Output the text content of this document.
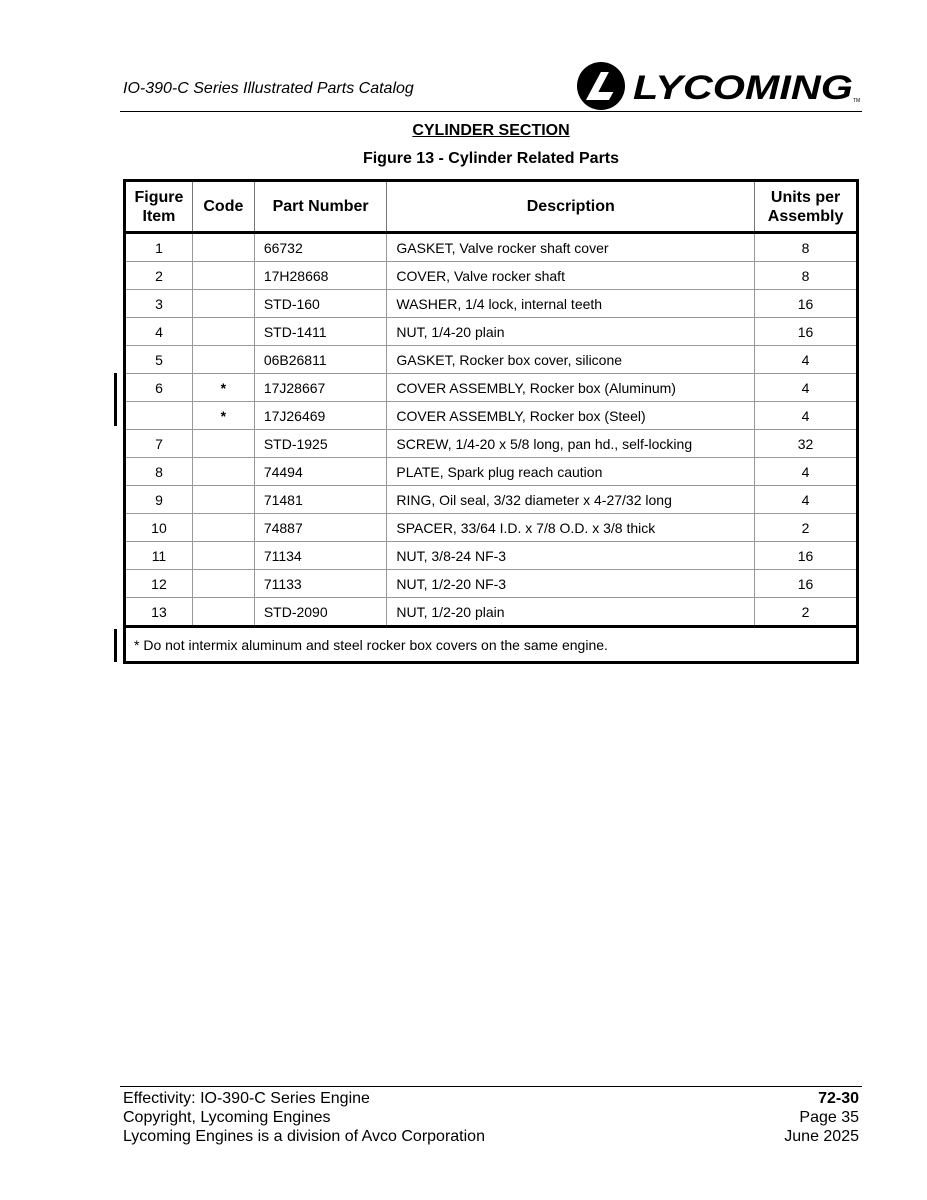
IO-390-C Series Illustrated Parts Catalog	LYCOMING TM
CYLINDER SECTION
Figure 13 - Cylinder Related Parts
Figure
Item	Code	Part Number	Description	Units per
Assembly
1		66732	GASKET, Valve rocker shaft cover	8
2		17H28668	COVER, Valve rocker shaft	8
3		STD-160	WASHER, 1/4 lock, internal teeth	16
4		STD-1411	NUT, 1/4-20 plain	16
5		06B26811	GASKET, Rocker box cover, silicone	4
6	*	17J28667	COVER ASSEMBLY, Rocker box (Aluminum)	4
	*	17J26469	COVER ASSEMBLY, Rocker box (Steel)	4
7		STD-1925	SCREW, 1/4-20 x 5/8 long, pan hd., self-locking	32
8		74494	PLATE, Spark plug reach caution	4
9		71481	RING, Oil seal, 3/32 diameter x 4-27/32 long	4
10		74887	SPACER, 33/64 I.D. x 7/8 O.D. x 3/8 thick	2
11		71134	NUT, 3/8-24 NF-3	16
12		71133	NUT, 1/2-20 NF-3	16
13		STD-2090	NUT, 1/2-20 plain	2
* Do not intermix aluminum and steel rocker box covers on the same engine.				
Effectivity: IO-390-C Series Engine
Copyright, Lycoming Engines
Lycoming Engines is a division of Avco Corporation
72-30
Page 35
June 2025
